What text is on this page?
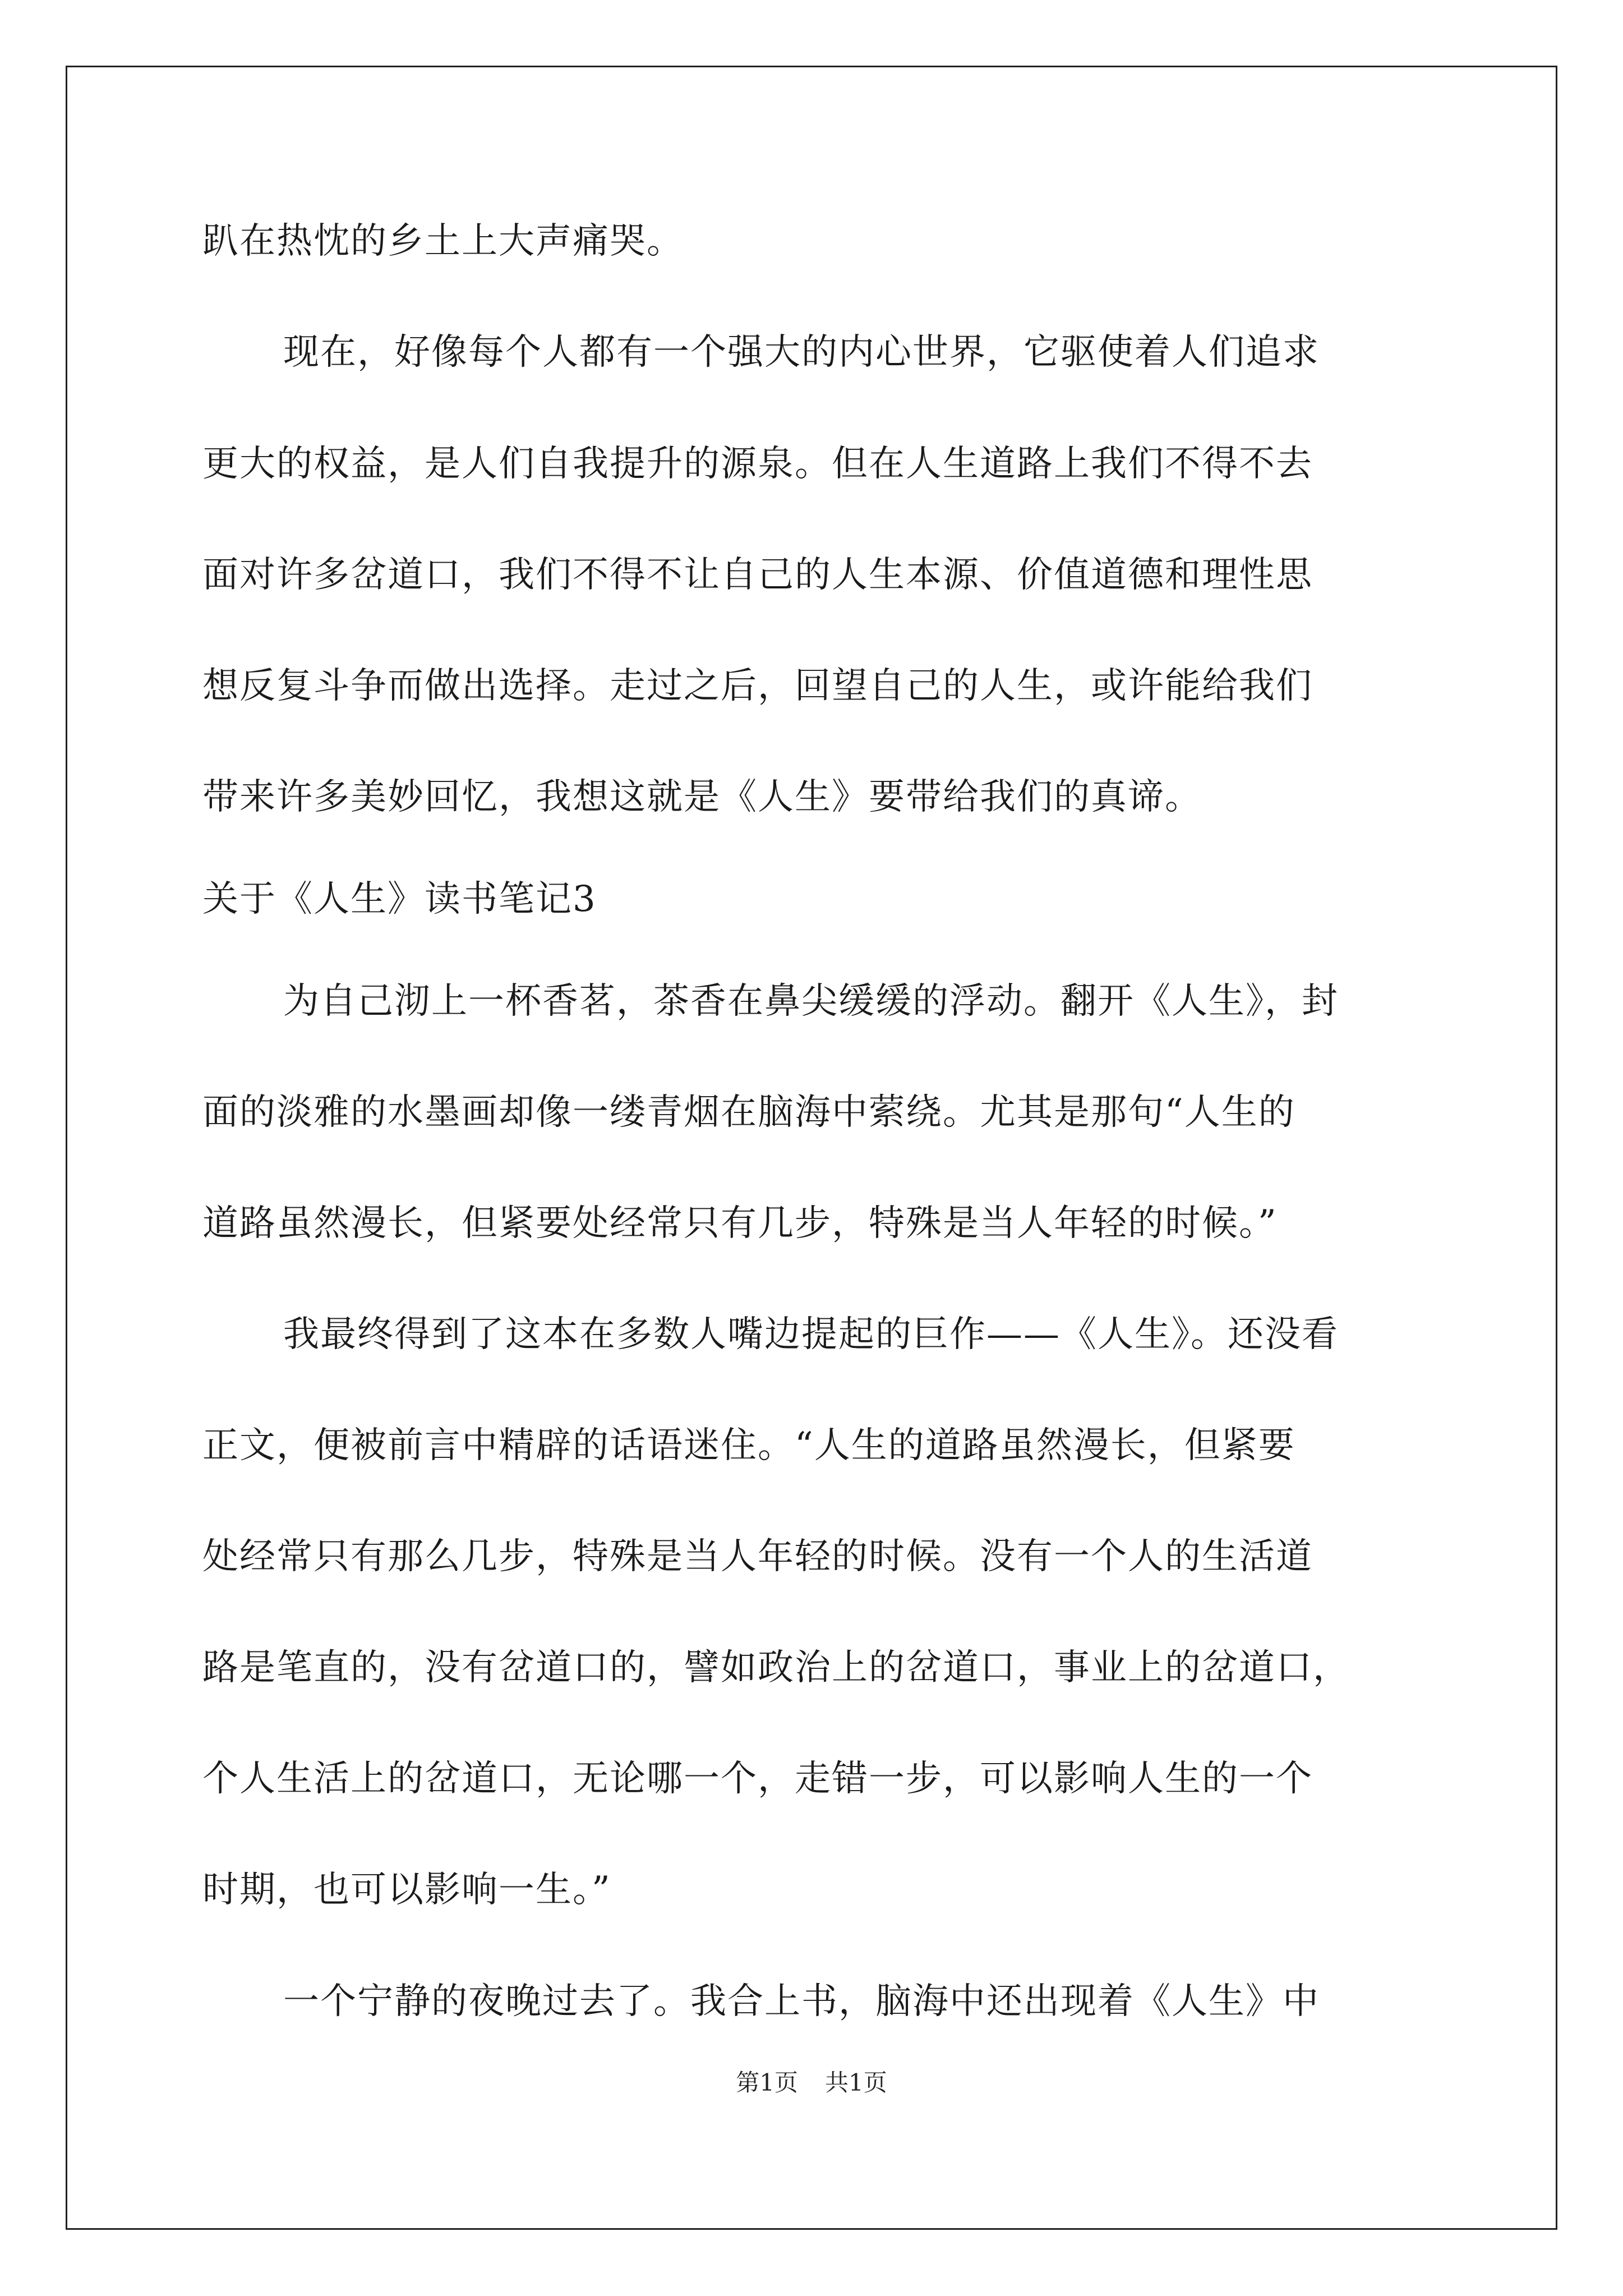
趴在热忱的乡土上大声痛哭。
现在，好像每个人都有一个强大的内心世界，它驱使着人们追求
更大的权益，是人们自我提升的源泉。但在人生道路上我们不得不去
面对许多岔道口，我们不得不让自己的人生本源、价值道德和理性思
想反复斗争而做出选择。走过之后，回望自己的人生，或许能给我们
带来许多美妙回忆，我想这就是《人生》要带给我们的真谛。
关于《人生》读书笔记3
为自己沏上一杯香茗，茶香在鼻尖缓缓的浮动。翻开《人生》，封
面的淡雅的水墨画却像一缕青烟在脑海中萦绕。尤其是那句“人生的
道路虽然漫长，但紧要处经常只有几步，特殊是当人年轻的时候。”
我最终得到了这本在多数人嘴边提起的巨作——《人生》。还没看
正文，便被前言中精辟的话语迷住。“人生的道路虽然漫长，但紧要
处经常只有那么几步，特殊是当人年轻的时候。没有一个人的生活道
路是笔直的，没有岔道口的，譬如政治上的岔道口，事业上的岔道口，
个人生活上的岔道口，无论哪一个，走错一步，可以影响人生的一个
时期，也可以影响一生。”
一个宁静的夜晚过去了。我合上书，脑海中还出现着《人生》中
第1页 共1页
